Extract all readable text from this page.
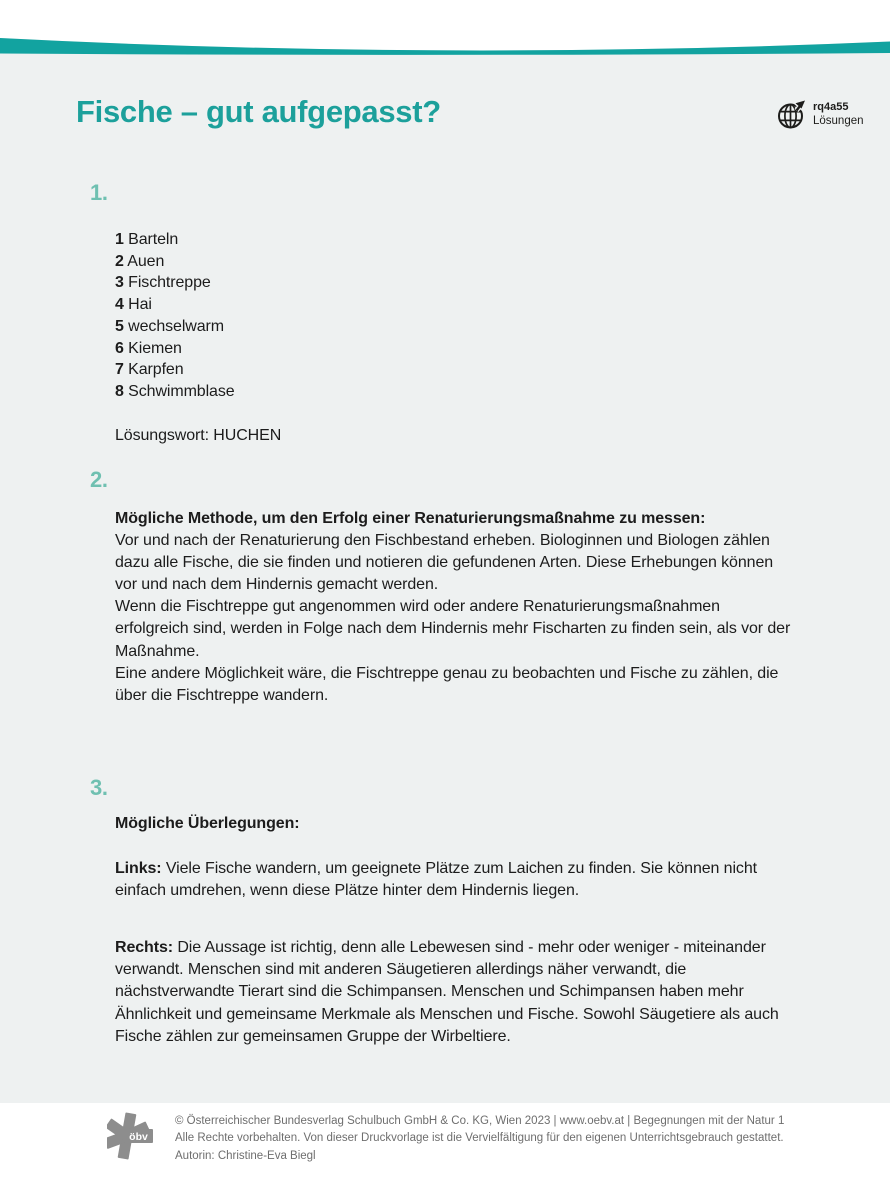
Fische – gut aufgepasst?	rq4a55
Lösungen
1.
1 Barteln
2 Auen
3 Fischtreppe
4 Hai
5 wechselwarm
6 Kiemen
7 Karpfen
8 Schwimmblase
Lösungswort: HUCHEN
2.
Mögliche Methode, um den Erfolg einer Renaturierungsmaßnahme zu messen:

Vor und nach der Renaturierung den Fischbestand erheben. Biologinnen und Biologen zählen dazu alle Fische, die sie finden und notieren die gefundenen Arten. Diese Erhebungen können vor und nach dem Hindernis gemacht werden.

Wenn die Fischtreppe gut angenommen wird oder andere Renaturierungsmaßnahmen erfolgreich sind, werden in Folge nach dem Hindernis mehr Fischarten zu finden sein, als vor der Maßnahme.

Eine andere Möglichkeit wäre, die Fischtreppe genau zu beobachten und Fische zu zählen, die über die Fischtreppe wandern.

3.
Mögliche Überlegungen:
Links: Viele Fische wandern, um geeignete Plätze zum Laichen zu finden. Sie können nicht einfach umdrehen, wenn diese Plätze hinter dem Hindernis liegen.
Rechts: Die Aussage ist richtig, denn alle Lebewesen sind - mehr oder weniger - miteinander verwandt. Menschen sind mit anderen Säugetieren allerdings näher verwandt, die nächstverwandte Tierart sind die Schimpansen. Menschen und Schimpansen haben mehr Ähnlichkeit und gemeinsame Merkmale als Menschen und Fische. Sowohl Säugetiere als auch Fische zählen zur gemeinsamen Gruppe der Wirbeltiere.
öbv
© Österreichischer Bundesverlag Schulbuch GmbH & Co. KG, Wien 2023 | www.oebv.at | Begegnungen mit der Natur 1
Alle Rechte vorbehalten. Von dieser Druckvorlage ist die Vervielfältigung für den eigenen Unterrichtsgebrauch gestattet.
Autorin: Christine-Eva Biegl
